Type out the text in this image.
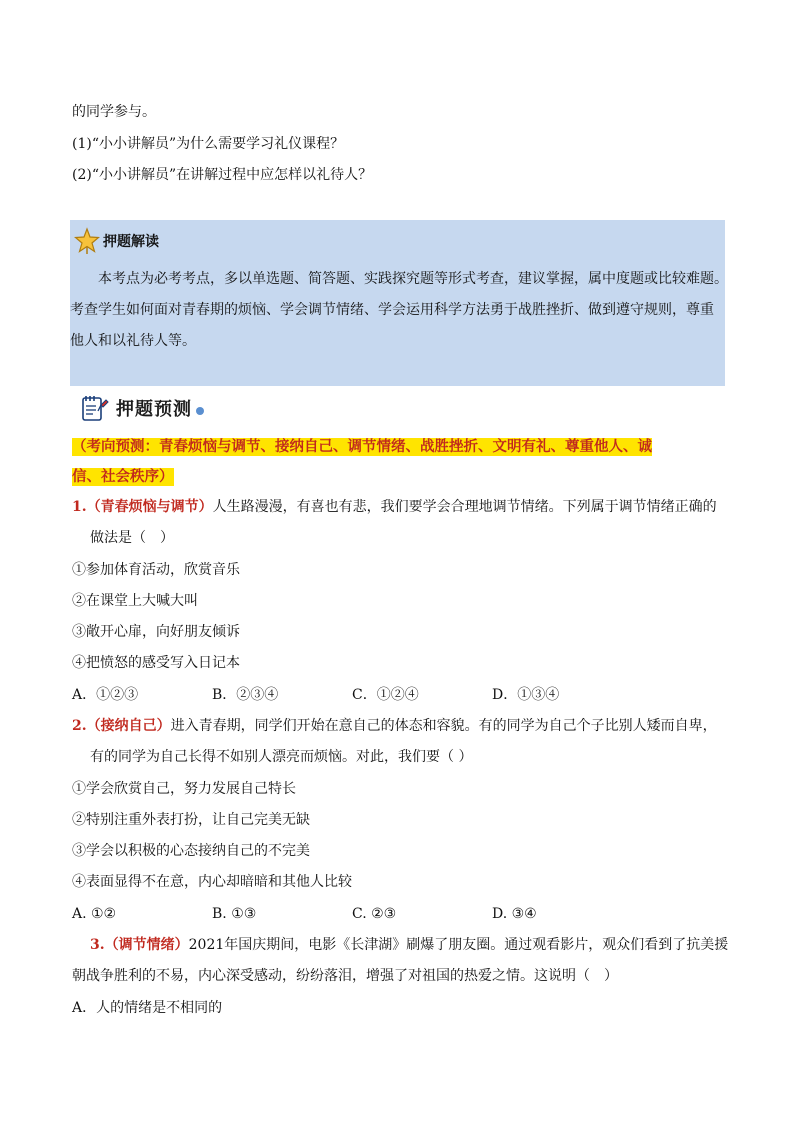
的同学参与。
(1)“小小讲解员”为什么需要学习礼仪课程？
(2)“小小讲解员”在讲解过程中应怎样以礼待人？
押题解读
本考点为必考考点，多以单选题、简答题、实践探究题等形式考查，建议掌握，属中度题或比较难题。
考查学生如何面对青春期的烦恼、学会调节情绪、学会运用科学方法勇于战胜挫折、做到遵守规则，尊重
他人和以礼待人等。
押题预测
（考向预测：青春烦恼与调节、接纳自己、调节情绪、战胜挫折、文明有礼、尊重他人、诚
信、社会秩序）
1.（青春烦恼与调节）人生路漫漫，有喜也有悲，我们要学会合理地调节情绪。下列属于调节情绪正确的
做法是（　）
①参加体育活动，欣赏音乐
②在课堂上大喊大叫
③敞开心扉，向好朋友倾诉
④把愤怒的感受写入日记本
A．①②③	B．②③④	C．①②④	D．①③④
2.（接纳自己）进入青春期，同学们开始在意自己的体态和容貌。有的同学为自己个子比别人矮而自卑，
有的同学为自己长得不如别人漂亮而烦恼。对此，我们要（ ）
①学会欣赏自己，努力发展自己特长
②特别注重外表打扮，让自己完美无缺
③学会以积极的心态接纳自己的不完美
④表面显得不在意，内心却暗暗和其他人比较
A. ①②	B. ①③	C. ②③	D. ③④
3.（调节情绪）2021年国庆期间，电影《长津湖》刷爆了朋友圈。通过观看影片，观众们看到了抗美援
朝战争胜利的不易，内心深受感动，纷纷落泪，增强了对祖国的热爱之情。这说明（　）
A．人的情绪是不相同的
